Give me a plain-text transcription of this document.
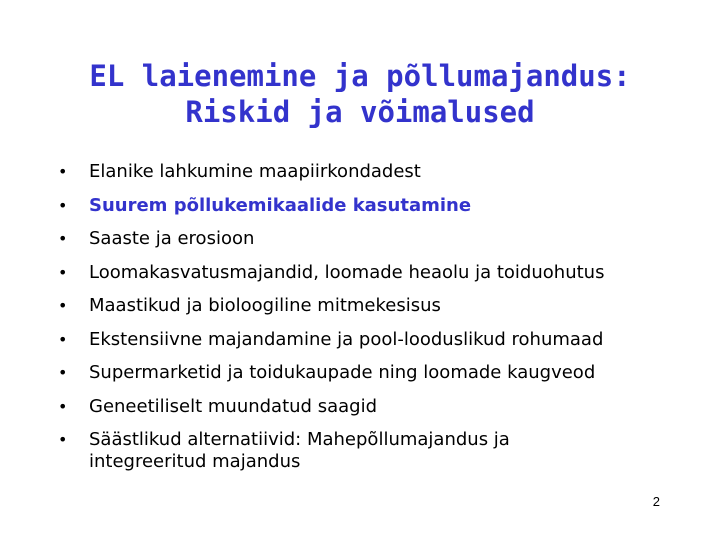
EL laienemine ja põllumajandus:
Riskid ja võimalused
• Elanike lahkumine maapiirkondadest
• Suurem põllukemikaalide kasutamine
• Saaste ja erosioon
• Loomakasvatusmajandid, loomade heaolu ja toiduohutus
• Maastikud ja bioloogiline mitmekesisus
• Ekstensiivne majandamine ja pool-looduslikud rohumaad
• Supermarketid ja toidukaupade ning loomade kaugveod
• Geneetiliselt muundatud saagid
• Säästlikud alternatiivid: Mahepõllumajandus ja
integreeritud majandus
2
